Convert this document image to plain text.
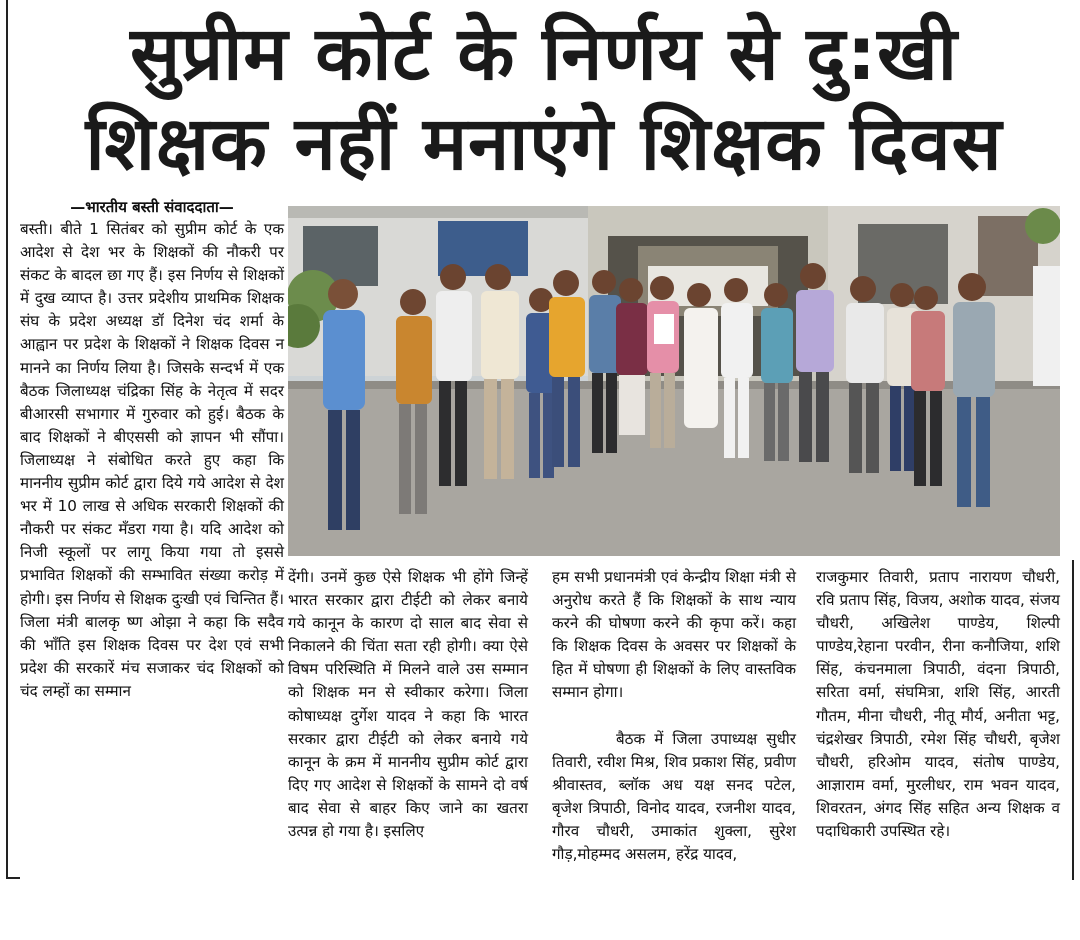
सुप्रीम कोर्ट के निर्णय से दु:खी
शिक्षक नहीं मनाएंगे शिक्षक दिवस
—भारतीय बस्ती संवाददाता—

बस्ती। बीते 1 सितंबर को सुप्रीम कोर्ट के एक आदेश से देश भर के शिक्षकों की नौकरी पर संकट के बादल छा गए हैं। इस निर्णय से शिक्षकों में दुख व्याप्त है। उत्तर प्रदेशीय प्राथमिक शिक्षक संघ के प्रदेश अध्यक्ष डॉ दिनेश चंद शर्मा के आह्वान पर प्रदेश के शिक्षकों ने शिक्षक दिवस न मानने का निर्णय लिया है। जिसके सन्दर्भ में एक बैठक जिलाध्यक्ष चंद्रिका सिंह के नेतृत्व में सदर बीआरसी सभागार में गुरुवार को हुई। बैठक के बाद शिक्षकों ने बीएससी को ज्ञापन भी सौंपा। जिलाध्यक्ष ने संबोधित करते हुए कहा कि माननीय सुप्रीम कोर्ट द्वारा दिये गये आदेश से देश भर में 10 लाख से अधिक सरकारी शिक्षकों की नौकरी पर संकट मँडरा गया है। यदि आदेश को निजी स्कूलों पर लागू किया गया तो इससे प्रभावित शिक्षकों की सम्भावित संख्या करोड़ में होगी। इस निर्णय से शिक्षक दुःखी एवं चिन्तित हैं। जिला मंत्री बालकृ ष्ण ओझा ने कहा कि सदैव की भाँति इस शिक्षक दिवस पर देश एवं सभी प्रदेश की सरकारें मंच सजाकर चंद शिक्षकों को चंद लम्हों का सम्मान

देंगी। उनमें कुछ ऐसे शिक्षक भी होंगे जिन्हें भारत सरकार द्वारा टीईटी को लेकर बनाये गये कानून के कारण दो साल बाद सेवा से निकालने की चिंता सता रही होगी। क्या ऐसे विषम परिस्थिति में मिलने वाले उस सम्मान को शिक्षक मन से स्वीकार करेगा। जिला कोषाध्यक्ष दुर्गेश यादव ने कहा कि भारत सरकार द्वारा टीईटी को लेकर बनाये गये कानून के क्रम में माननीय सुप्रीम कोर्ट द्वारा दिए गए आदेश से शिक्षकों के सामने दो वर्ष बाद सेवा से बाहर किए जाने का खतरा उत्पन्न हो गया है। इसलिए

हम सभी प्रधानमंत्री एवं केन्द्रीय शिक्षा मंत्री से अनुरोध करते हैं कि शिक्षकों के साथ न्याय करने की घोषणा करने की कृपा करें। कहा कि शिक्षक दिवस के अवसर पर शिक्षकों के हित में घोषणा ही शिक्षकों के लिए वास्तविक सम्मान होगा।

बैठक में जिला उपाध्यक्ष सुधीर तिवारी, रवीश मिश्र, शिव प्रकाश सिंह, प्रवीण श्रीवास्तव, ब्लॉक अध यक्ष सनद पटेल, बृजेश त्रिपाठी, विनोद यादव, रजनीश यादव, गौरव चौधरी, उमाकांत शुक्ला, सुरेश गौड़,मोहम्मद असलम, हरेंद्र यादव,

राजकुमार तिवारी, प्रताप नारायण चौधरी, रवि प्रताप सिंह, विजय, अशोक यादव, संजय चौधरी, अखिलेश पाण्डेय, शिल्पी पाण्डेय,रेहाना परवीन, रीना कनौजिया, शशि सिंह, कंचनमाला त्रिपाठी, वंदना त्रिपाठी, सरिता वर्मा, संघमित्रा, शशि सिंह, आरती गौतम, मीना चौधरी, नीतू मौर्य, अनीता भट्ट, चंद्रशेखर त्रिपाठी, रमेश सिंह चौधरी, बृजेश चौधरी, हरिओम यादव, संतोष पाण्डेय, आज्ञाराम वर्मा, मुरलीधर, राम भवन यादव, शिवरतन, अंगद सिंह सहित अन्य शिक्षक व पदाधिकारी उपस्थित रहे।
